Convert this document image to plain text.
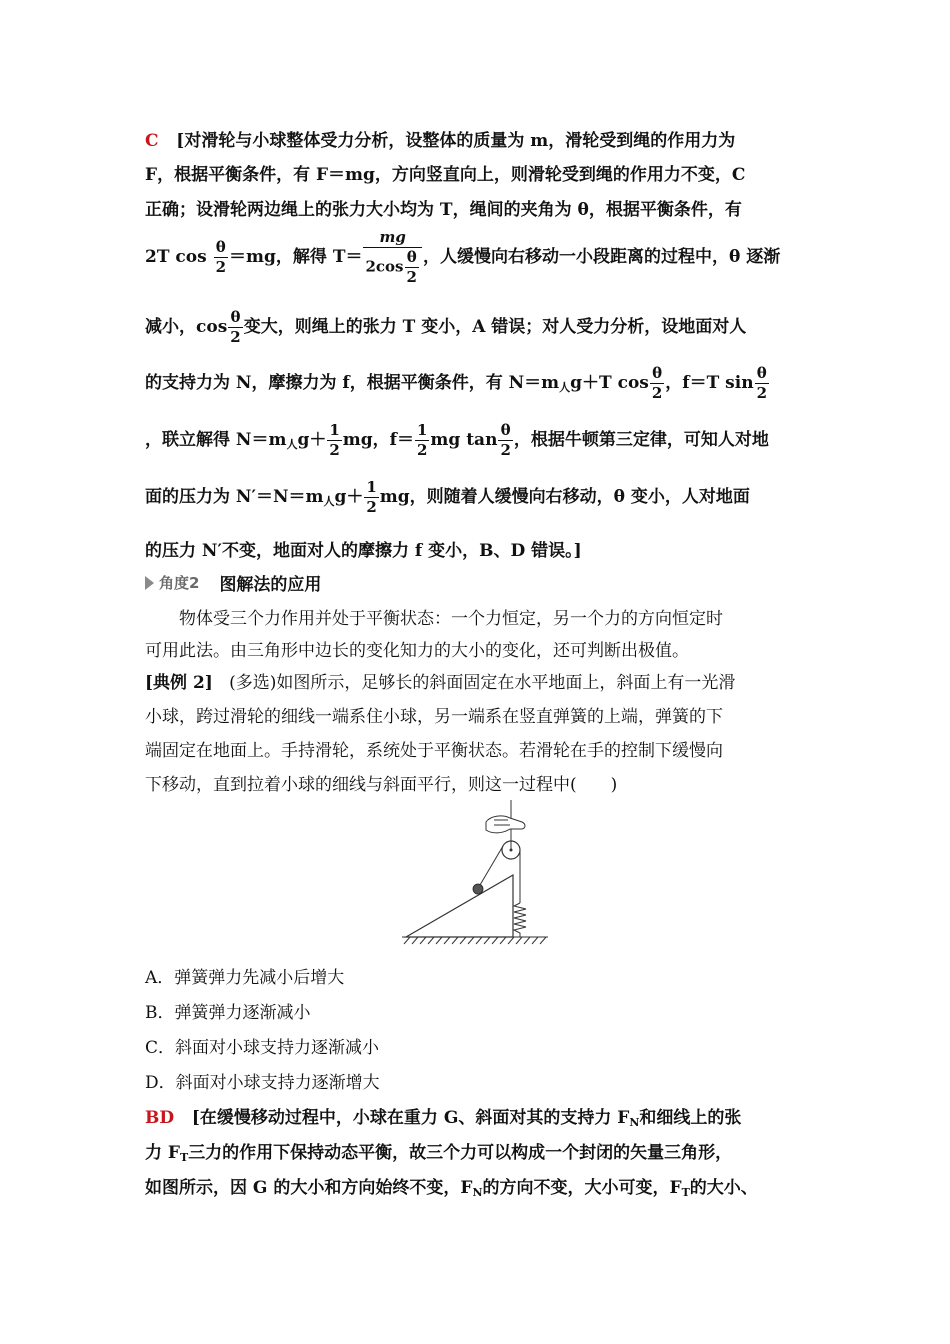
C [对滑轮与小球整体受力分析，设整体的质量为 m，滑轮受到绳的作用力为
F，根据平衡条件，有 F＝mg，方向竖直向上，则滑轮受到绳的作用力不变，C
正确；设滑轮两边绳上的张力大小均为 T，绳间的夹角为 θ，根据平衡条件，有
2T $\cos \frac{\theta}{2} =mg$，解得 $T= \frac{mg}{2\cos \frac{\theta}{2}}$ ，人缓慢向右移动一小段距离的过程中，θ 逐渐
减小，$\cos \frac{\theta}{2}$ 变大，则绳上的张力 T 变小，A 错误；对人受力分析，设地面对人
的支持力为 N，摩擦力为 f，根据平衡条件，有 $N=m_人g+T$ $\cos \frac{\theta}{2}$ ，f＝T $\sin \frac{\theta}{2}$
，联立解得 $N=m_人g+ \frac{1}{2}$ mg，$f= \frac{1}{2}$ mg $\tan \frac{\theta}{2}$ ，根据牛顿第三定律，可知人对地
面的压力为 $N'=N=m_人g+ \frac{1}{2}$ mg，则随着人缓慢向右移动，θ 变小，人对地面
的压力 N′不变，地面对人的摩擦力 f 变小，B、D 错误。]
角度2 图解法的应用
物体受三个力作用并处于平衡状态：一个力恒定，另一个力的方向恒定时
可用此法。由三角形中边长的变化知力的大小的变化，还可判断出极值。
[典例 2] (多选)如图所示，足够长的斜面固定在水平地面上，斜面上有一光滑
小球，跨过滑轮的细线一端系住小球，另一端系在竖直弹簧的上端，弹簧的下
端固定在地面上。手持滑轮，系统处于平衡状态。若滑轮在手的控制下缓慢向
下移动，直到拉着小球的细线与斜面平行，则这一过程中(　　)
A．弹簧弹力先减小后增大
B．弹簧弹力逐渐减小
C．斜面对小球支持力逐渐减小
D．斜面对小球支持力逐渐增大
BD [在缓慢移动过程中，小球在重力 G、斜面对其的支持力 $F_N$和细线上的张
力 $F_T$三力的作用下保持动态平衡，故三个力可以构成一个封闭的矢量三角形，
如图所示，因 G 的大小和方向始终不变，$F_N$的方向不变，大小可变，$F_T$的大小、
